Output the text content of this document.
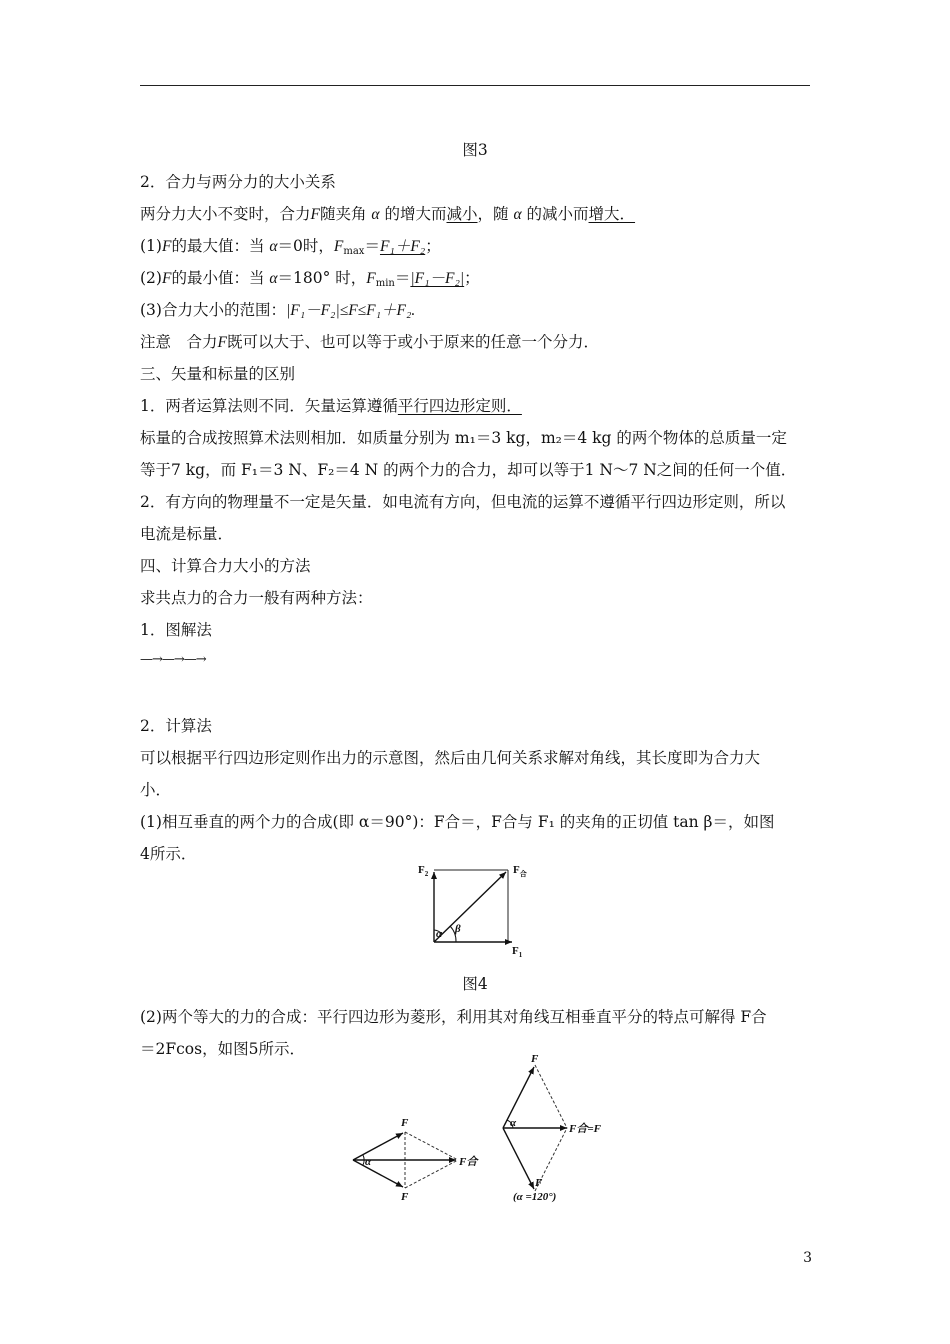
图3
2．合力与两分力的大小关系
两分力大小不变时，合力F随夹角 α 的增大而减小，随 α 的减小而增大．
(1)F的最大值：当 α＝0时，$F_{max}=F_1+F_2$；
(2)F的最小值：当 α＝180° 时，$F_{min}=|F_1-F_2|$；
(3)合力大小的范围：|F₁－F₂|≤F≤F₁＋F₂.
注意　合力F既可以大于、也可以等于或小于原来的任意一个分力．
三、矢量和标量的区别
1．两者运算法则不同．矢量运算遵循平行四边形定则．
标量的合成按照算术法则相加．如质量分别为 m₁＝3 kg，m₂＝4 kg 的两个物体的总质量一定
等于7 kg，而 F₁＝3 N、F₂＝4 N 的两个力的合力，却可以等于1 N～7 N之间的任何一个值．
2．有方向的物理量不一定是矢量．如电流有方向，但电流的运算不遵循平行四边形定则，所以
电流是标量．
四、计算合力大小的方法
求共点力的合力一般有两种方法：
1．图解法
—→—→—→
2．计算法
可以根据平行四边形定则作出力的示意图，然后由几何关系求解对角线，其长度即为合力大
小．
(1)相互垂直的两个力的合成(即 α＝90°)：F合＝，F合与 F₁ 的夹角的正切值 tan β＝，如图
4所示．
$F_2$	$F_合$
$F_1$
α β
图4
(2)两个等大的力的合成：平行四边形为菱形，利用其对角线互相垂直平分的特点可解得 F合
＝2Fcos，如图5所示．
F
F
F合
α
F
F
F合=F
α
(α =120°)
3
